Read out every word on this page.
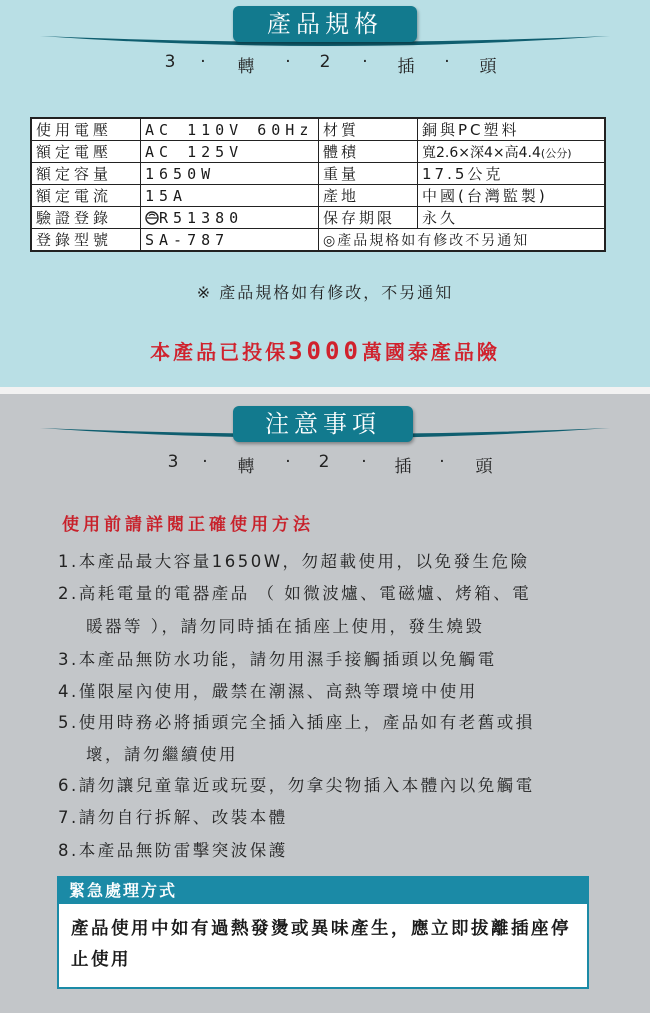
產品規格
3 · 轉 · 2 · 插 · 頭
使用電壓	AC 110V 60Hz	材質	銅與PC塑料
額定電壓	AC 125V	體積	寬2.6×深4×高4.4(公分)
額定容量	1650W	重量	17.5公克
額定電流	15A	產地	中國(台灣監製)
驗證登錄	R51380	保存期限	永久
登錄型號	SA-787	◎產品規格如有修改不另通知	
※ 產品規格如有修改，不另通知
本產品已投保3000萬國泰產品險
注意事項
3 · 轉 · 2 · 插 · 頭
使用前請詳閱正確使用方法
1.本產品最大容量1650W，勿超載使用，以免發生危險
2.高耗電量的電器產品 （ 如微波爐、電磁爐、烤箱、電
暖器等 ），請勿同時插在插座上使用，發生燒毀
3.本產品無防水功能，請勿用濕手接觸插頭以免觸電
4.僅限屋內使用，嚴禁在潮濕、高熱等環境中使用
5.使用時務必將插頭完全插入插座上，產品如有老舊或損
壞，請勿繼續使用
6.請勿讓兒童靠近或玩耍，勿拿尖物插入本體內以免觸電
7.請勿自行拆解、改裝本體
8.本產品無防雷擊突波保護
緊急處理方式
產品使用中如有過熱發燙或異味產生，應立即拔離插座停止使用
